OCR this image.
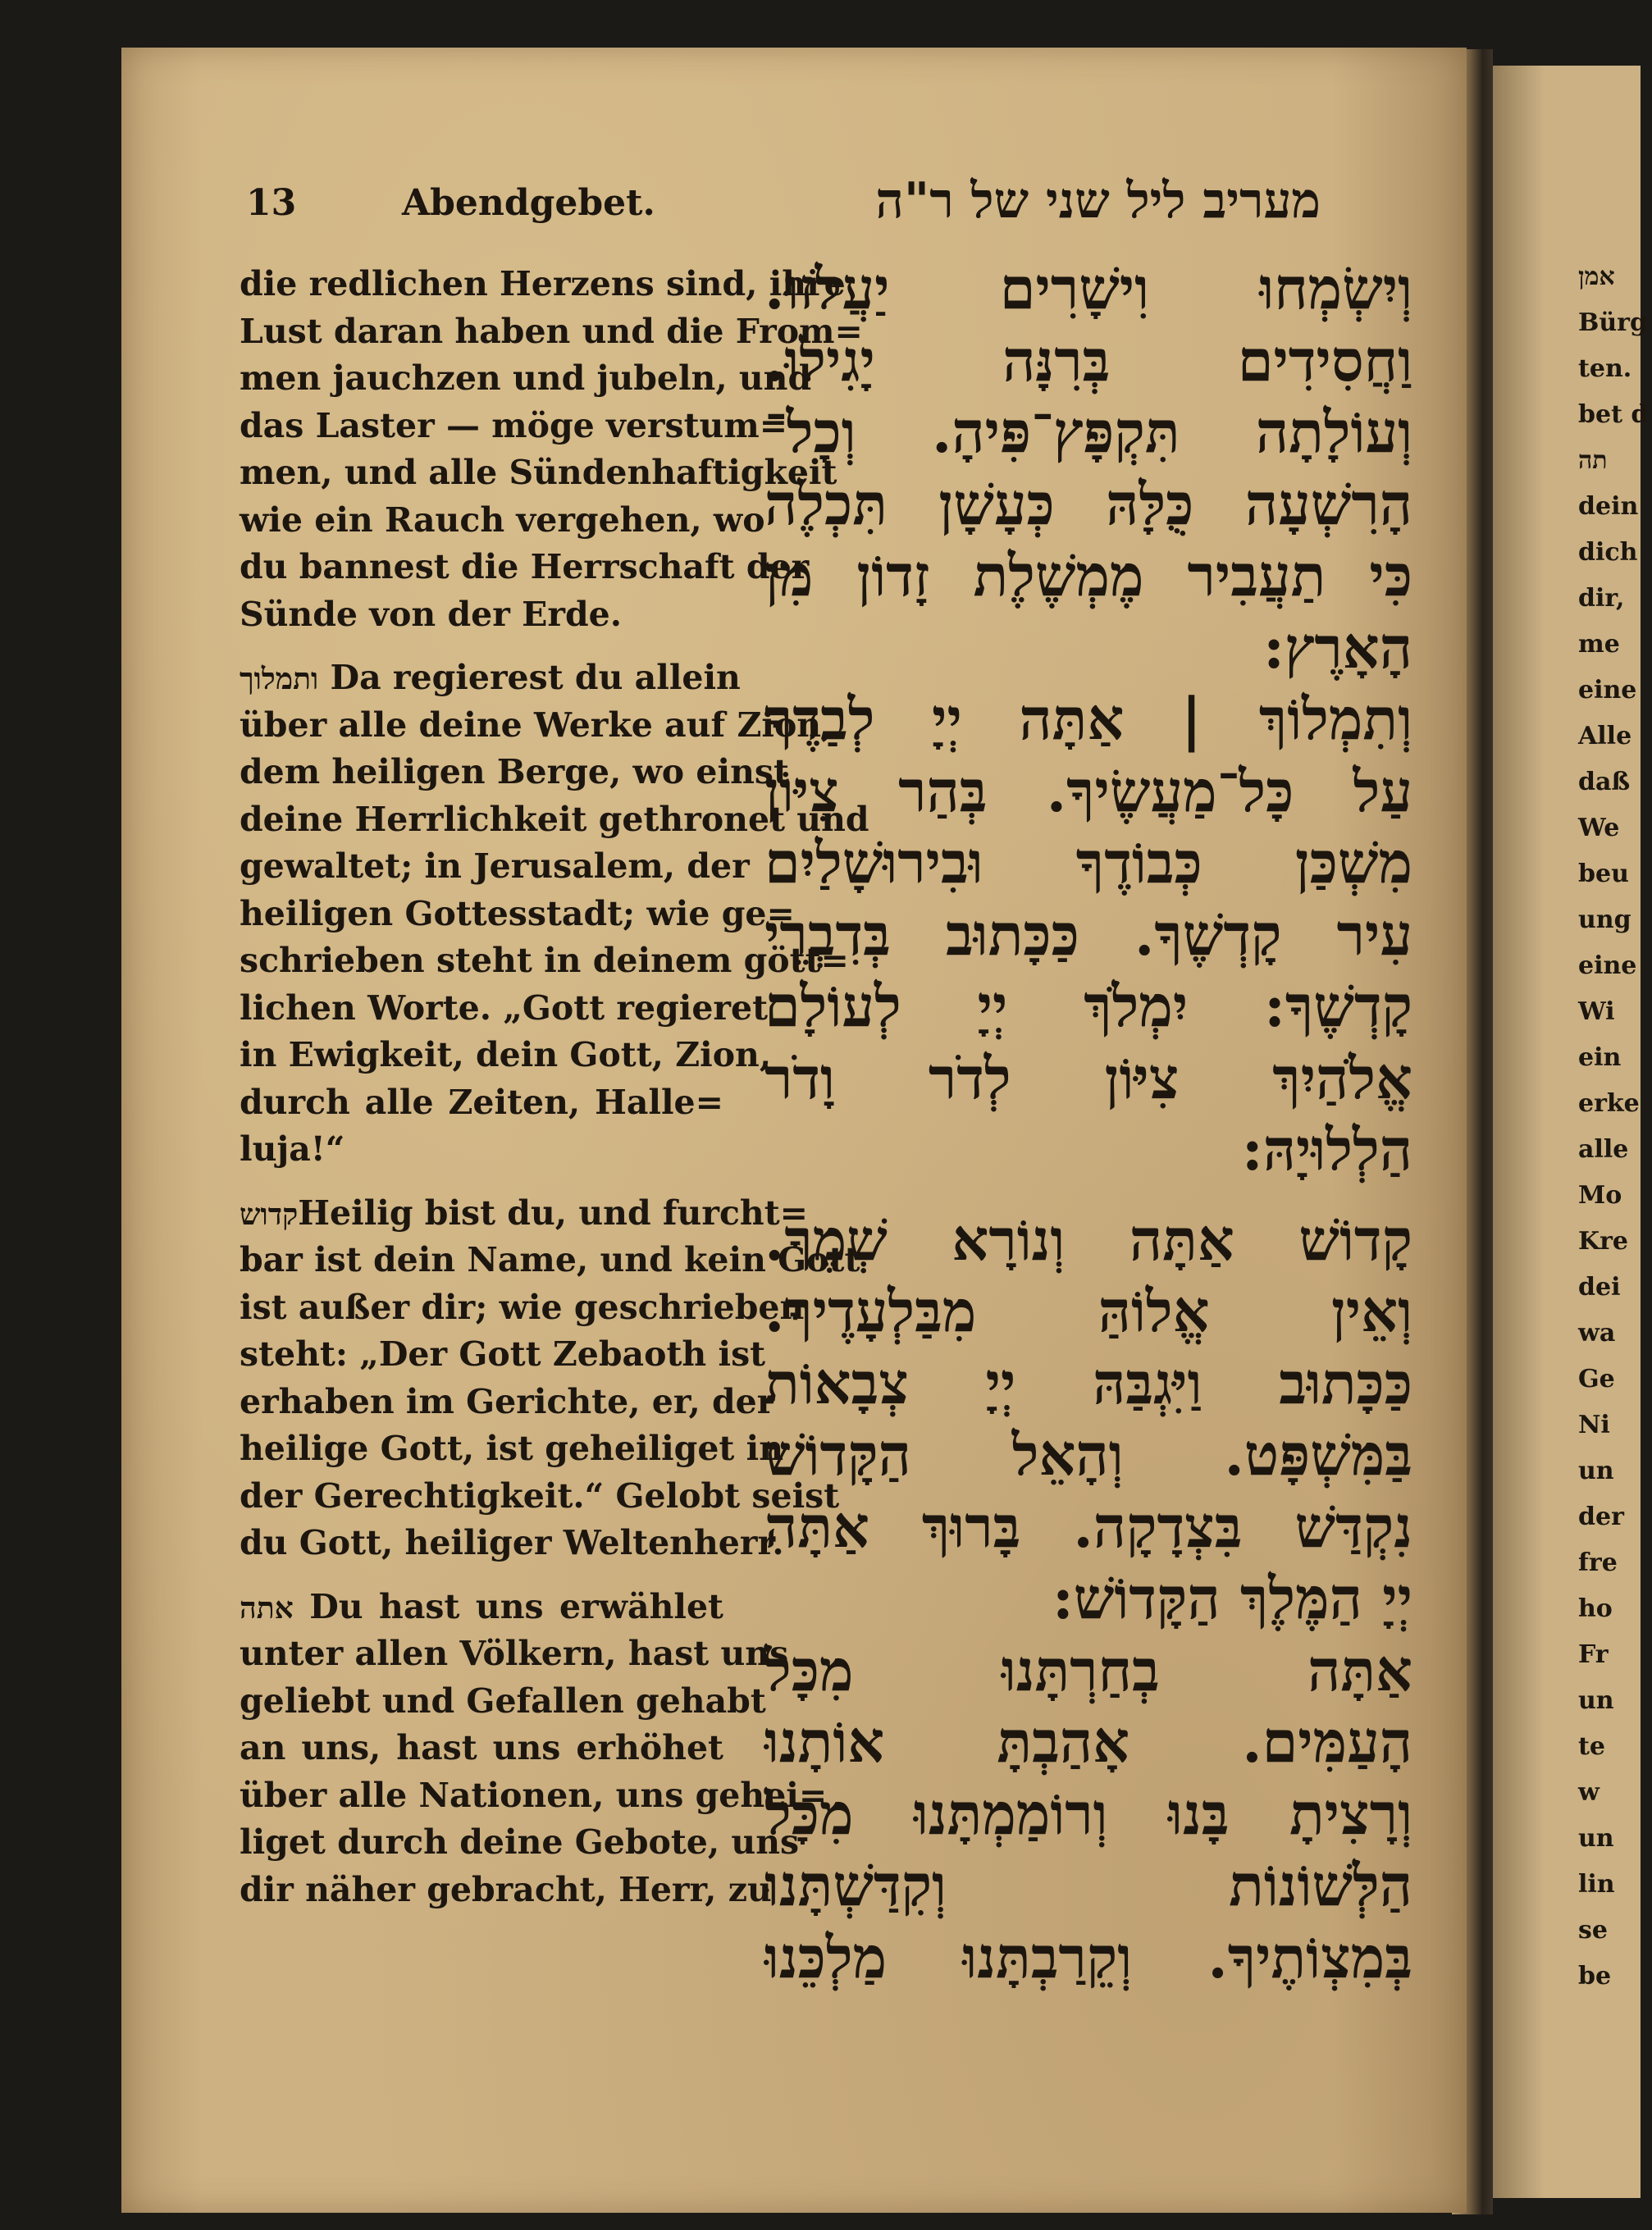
13	Abendgebet.	מעריב ליל שני של ר"ה
die redlichen Herzens sind, ihre
Lust daran haben und die From=
men jauchzen und jubeln, und
das Laster — möge verstum=
men, und alle Sündenhaftigkeit
wie ein Rauch vergehen, wo
du bannest die Herrschaft der
Sünde von der Erde.
ותמלוך Da regierest du allein
über alle deine Werke auf Zion,
dem heiligen Berge, wo einst
deine Herrlichkeit gethronet und
gewaltet; in Jerusalem, der
heiligen Gottesstadt; wie ge=
schrieben steht in deinem gött=
lichen Worte. „Gott regieret
in Ewigkeit, dein Gott, Zion,
durch alle Zeiten, Halle=
luja!“
קדושHeilig bist du, und furcht=
bar ist dein Name, und kein Gott
ist außer dir; wie geschrieben
steht: „Der Gott Zebaoth ist
erhaben im Gerichte, er, der
heilige Gott, ist geheiliget in
der Gerechtigkeit.“ Gelobt seist
du Gott, heiliger Weltenherr.
אתה Du hast uns erwählet
unter allen Völkern, hast uns
geliebt und Gefallen gehabt
an uns, hast uns erhöhet
über alle Nationen, uns gehei=
liget durch deine Gebote, uns
dir näher gebracht, Herr, zu
וְיִשְׂמְחוּ וִישָׁרִים יַעֲלֹזוּ.
וַחֲסִידִים בְּרִנָּה יָגִילוּ.
וְעוֹלָתָה תִּקְפָּץ־פִּיהָ. וְכָל־
הָרִשְׁעָה כֻּלָּהּ כְּעָשָׁן תִּכְלֶה
כִּי תַעֲבִיר מֶמְשֶׁלֶת זָדוֹן מִן
הָאָרֶץ:
וְתִמְלוֹךְ | אַתָּה יְיָ לְבַדֶּךָ
עַל כָּל־מַעֲשֶׂיךָ. בְּהַר צִיּוֹן
מִשְׁכַּן כְּבוֹדֶךָ וּבִירוּשָׁלַיִם
עִיר קָדְשֶׁךָ. כַּכָּתוּב בְּדִבְרֵי
קָדְשֶׁךָ: יִמְלֹךְ יְיָ לְעוֹלָם
אֱלֹהַיִךְ צִיּוֹן לְדֹר וָדֹר
הַלְלוּיָהּ:
קָדוֹשׁ אַתָּה וְנוֹרָא שְׁמֶךָ.
וְאֵין אֱלוֹהַּ מִבַּלְעָדֶיךָ.
כַּכָּתוּב וַיִּגְבַּהּ יְיָ צְבָאוֹת
בַּמִּשְׁפָּט. וְהָאֵל הַקָּדוֹשׁ
נִקְדַּשׁ בִּצְדָקָה. בָּרוּךְ אַתָּה
יְיָ הַמֶּלֶךְ הַקָּדוֹשׁ:
אַתָּה בְחַרְתָּנוּ מִכָּל
הָעַמִּים. אָהַבְתָּ אוֹתָנוּ
וְרָצִיתָ בָּנוּ וְרוֹמַמְתָּנוּ מִכָּל
הַלְּשׁוֹנוֹת וְקִדַּשְׁתָּנוּ
בְּמִצְוֹתֶיךָ. וְקֵרַבְתָּנוּ מַלְכֵּנוּ
אמן
Bürg
ten.
bet d
תה
dein
dich
dir,
me
eine
Alle
daß
We
beu
ung
eine
Wi
ein
erke
alle
Mo
Kre
dei
wa
Ge
Ni
un
der
fre
ho
Fr
un
te
w
un
lin
se
be
